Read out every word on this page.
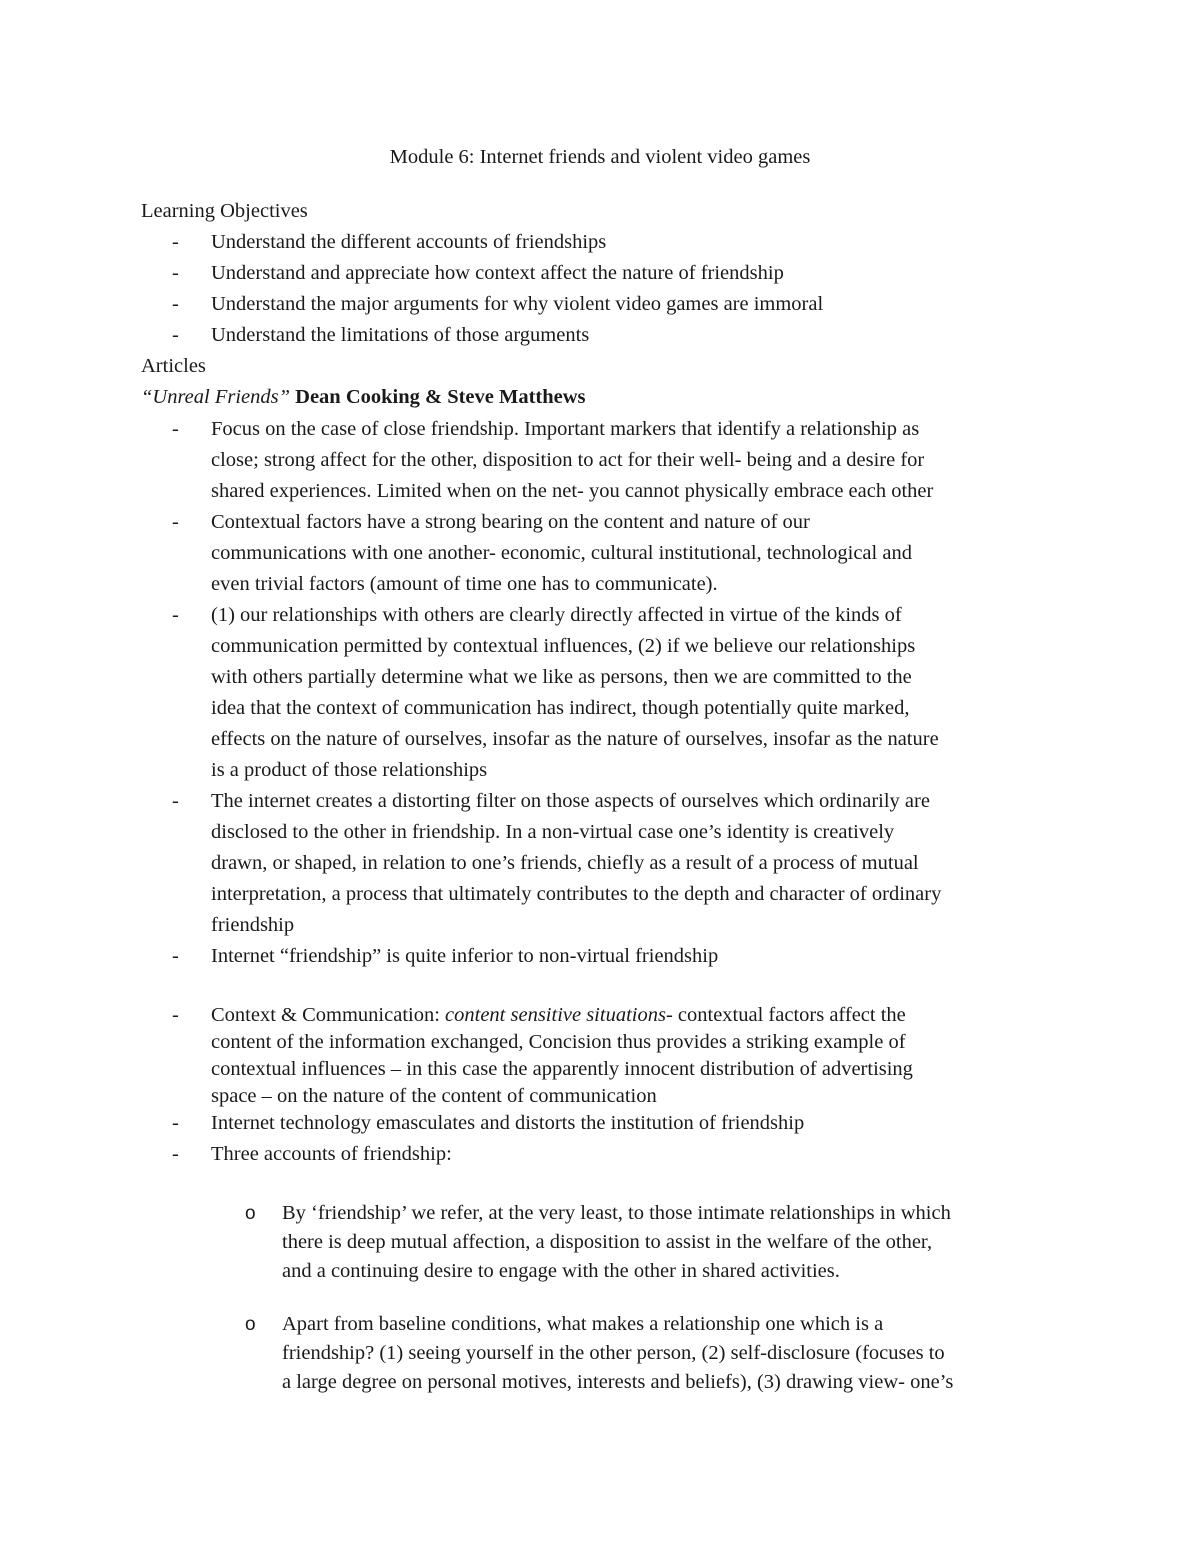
Module 6: Internet friends and violent video games
Learning Objectives
- Understand the different accounts of friendships
- Understand and appreciate how context affect the nature of friendship
- Understand the major arguments for why violent video games are immoral
- Understand the limitations of those arguments
Articles
“Unreal Friends” Dean Cooking & Steve Matthews
- Focus on the case of close friendship. Important markers that identify a relationship as
close; strong affect for the other, disposition to act for their well- being and a desire for
shared experiences. Limited when on the net- you cannot physically embrace each other
- Contextual factors have a strong bearing on the content and nature of our
communications with one another- economic, cultural institutional, technological and
even trivial factors (amount of time one has to communicate).
- (1) our relationships with others are clearly directly affected in virtue of the kinds of
communication permitted by contextual influences, (2) if we believe our relationships
with others partially determine what we like as persons, then we are committed to the
idea that the context of communication has indirect, though potentially quite marked,
effects on the nature of ourselves, insofar as the nature of ourselves, insofar as the nature
is a product of those relationships
- The internet creates a distorting filter on those aspects of ourselves which ordinarily are
disclosed to the other in friendship. In a non-virtual case one’s identity is creatively
drawn, or shaped, in relation to one’s friends, chiefly as a result of a process of mutual
interpretation, a process that ultimately contributes to the depth and character of ordinary
friendship
- Internet “friendship” is quite inferior to non-virtual friendship
- Context & Communication: content sensitive situations- contextual factors affect the
content of the information exchanged, Concision thus provides a striking example of
contextual influences – in this case the apparently innocent distribution of advertising
space – on the nature of the content of communication
- Internet technology emasculates and distorts the institution of friendship
- Three accounts of friendship:
o By ‘friendship’ we refer, at the very least, to those intimate relationships in which
there is deep mutual affection, a disposition to assist in the welfare of the other,
and a continuing desire to engage with the other in shared activities.
o Apart from baseline conditions, what makes a relationship one which is a
friendship? (1) seeing yourself in the other person, (2) self-disclosure (focuses to
a large degree on personal motives, interests and beliefs), (3) drawing view- one’s
